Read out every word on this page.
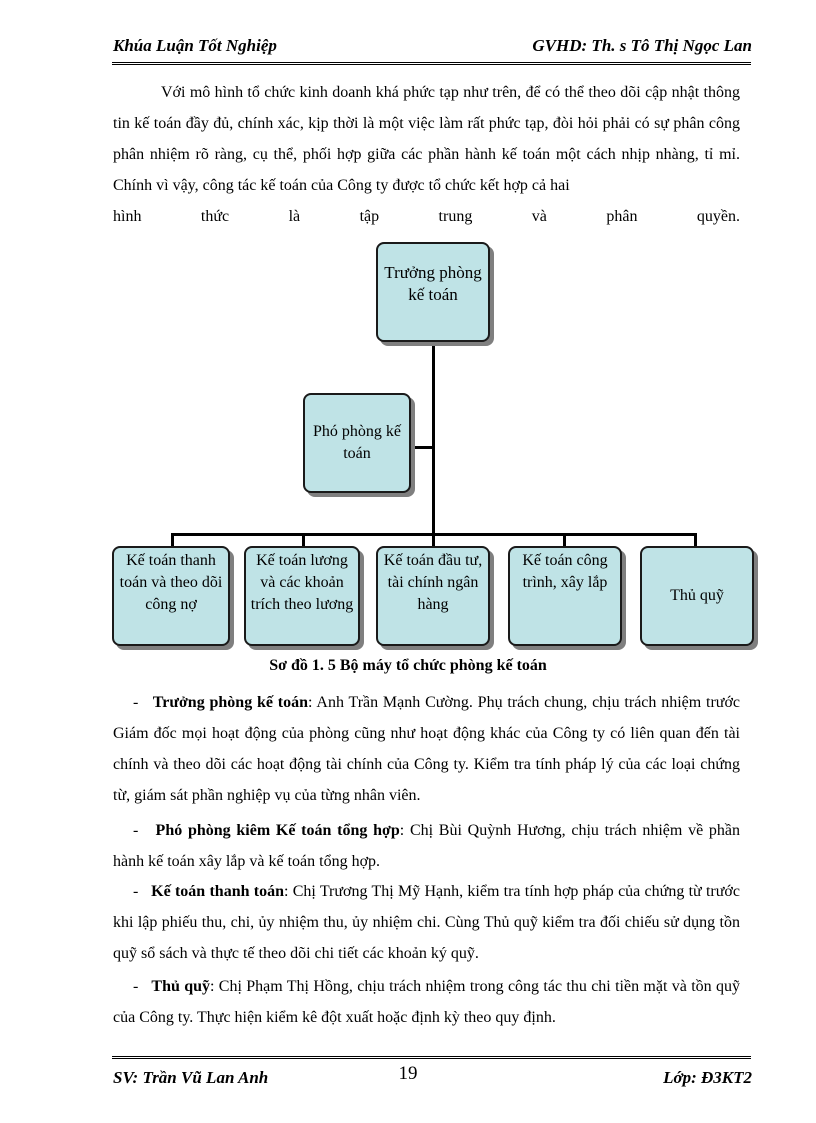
Khúa Luận Tốt Nghiệp	GVHD: Th. s Tô Thị Ngọc Lan

Với mô hình tổ chức kinh doanh khá phức tạp như trên, để có thể theo dõi cập nhật thông tin kế toán đầy đủ, chính xác, kịp thời là một việc làm rất phức tạp, đòi hỏi phải có sự phân công phân nhiệm rõ ràng, cụ thể, phối hợp giữa các phần hành kế toán một cách nhịp nhàng, tỉ mỉ. Chính vì vậy, công tác kế toán của Công ty được tổ chức kết hợp cả hai

hình thức là tập trung và phân quyền.

Trưởng phòng kế toán
Phó phòng kế toán
Kế toán thanh toán và theo dõi công nợ
Kế toán lương và các khoản trích theo lương
Kế toán đầu tư, tài chính ngân hàng
Kế toán công trình, xây lắp
Thủ quỹ
Sơ đồ 1. 5 Bộ máy tổ chức phòng kế toán

- Trưởng phòng kế toán: Anh Trần Mạnh Cường. Phụ trách chung, chịu trách nhiệm trước Giám đốc mọi hoạt động của phòng cũng như hoạt động khác của Công ty có liên quan đến tài chính và theo dõi các hoạt động tài chính của Công ty. Kiểm tra tính pháp lý của các loại chứng từ, giám sát phần nghiệp vụ của từng nhân viên.

- Phó phòng kiêm Kế toán tổng hợp: Chị Bùi Quỳnh Hương, chịu trách nhiệm về phần hành kế toán xây lắp và kế toán tổng hợp.

- Kế toán thanh toán: Chị Trương Thị Mỹ Hạnh, kiểm tra tính hợp pháp của chứng từ trước khi lập phiếu thu, chi, ủy nhiệm thu, ủy nhiệm chi. Cùng Thủ quỹ kiểm tra đối chiếu sử dụng tồn quỹ sổ sách và thực tế theo dõi chi tiết các khoản ký quỹ.

- Thủ quỹ: Chị Phạm Thị Hồng, chịu trách nhiệm trong công tác thu chi tiền mặt và tồn quỹ của Công ty. Thực hiện kiểm kê đột xuất hoặc định kỳ theo quy định.

SV: Trần Vũ Lan Anh	19	Lớp: Đ3KT2
